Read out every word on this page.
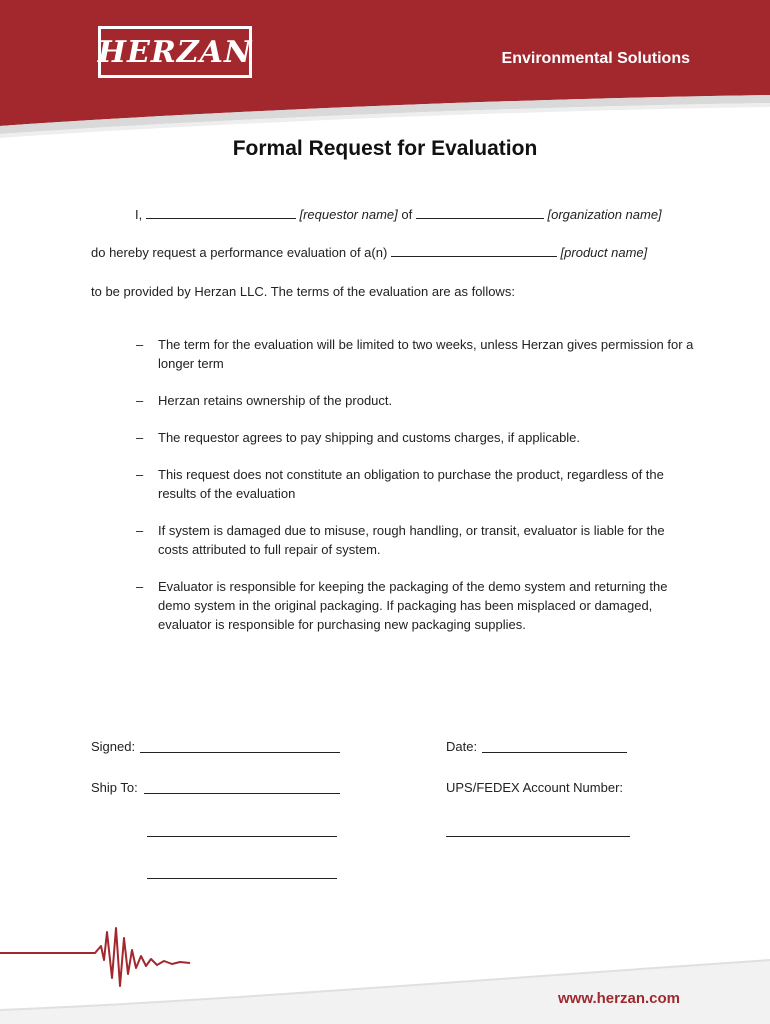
HERZAN	Environmental Solutions
Formal Request for Evaluation
I,	[requestor name] of	[organization name]
do hereby request a performance evaluation of a(n)	[product name]
to be provided by Herzan LLC. The terms of the evaluation are as follows:
– The term for the evaluation will be limited to two weeks, unless Herzan gives permission for a longer term
– Herzan retains ownership of the product.
– The requestor agrees to pay shipping and customs charges, if applicable.
– This request does not constitute an obligation to purchase the product, regardless of the results of the evaluation
– If system is damaged due to misuse, rough handling, or transit, evaluator is liable for the costs attributed to full repair of system.
– Evaluator is responsible for keeping the packaging of the demo system and returning the demo system in the original packaging. If packaging has been misplaced or damaged, evaluator is responsible for purchasing new packaging supplies.
Signed:	Date:
Ship To:	UPS/FEDEX Account Number:
www.herzan.com
